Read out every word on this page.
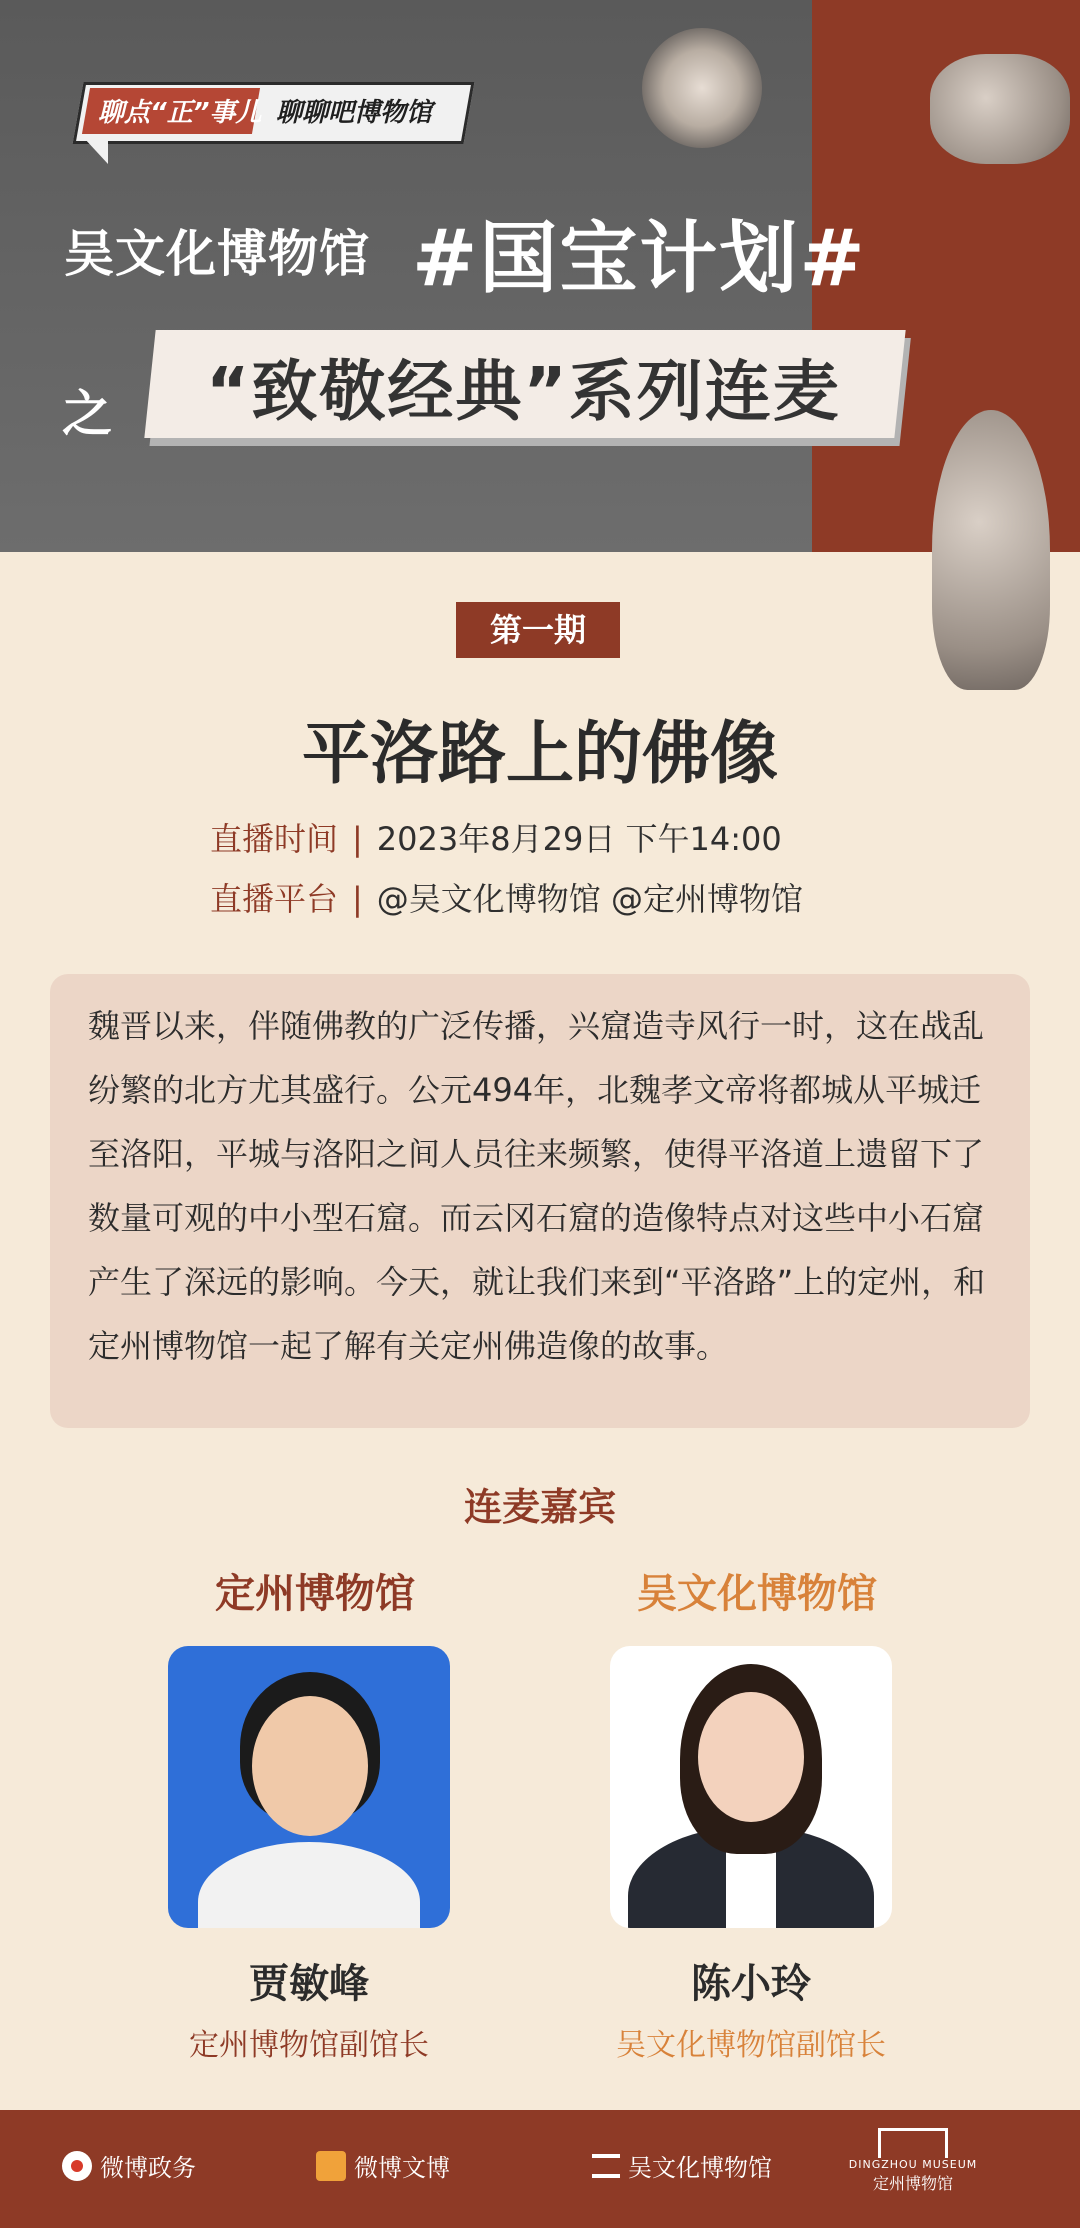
聊点“正”事儿 聊聊吧博物馆
吴文化博物馆 #国宝计划#
之 “致敬经典”系列连麦
第一期
平洛路上的佛像
直播时间 | 2023年8月29日 下午14:00
直播平台 | @吴文化博物馆 @定州博物馆
魏晋以来，伴随佛教的广泛传播，兴窟造寺风行一时，这在战乱纷繁的北方尤其盛行。公元494年，北魏孝文帝将都城从平城迁至洛阳，平城与洛阳之间人员往来频繁，使得平洛道上遗留下了数量可观的中小型石窟。而云冈石窟的造像特点对这些中小石窟产生了深远的影响。今天，就让我们来到“平洛路”上的定州，和定州博物馆一起了解有关定州佛造像的故事。
连麦嘉宾
定州博物馆	吴文化博物馆
贾敏峰
定州博物馆副馆长
陈小玲
吴文化博物馆副馆长
微博政务	微博文博	吴文化博物馆	DINGZHOU MUSEUM
定州博物馆
